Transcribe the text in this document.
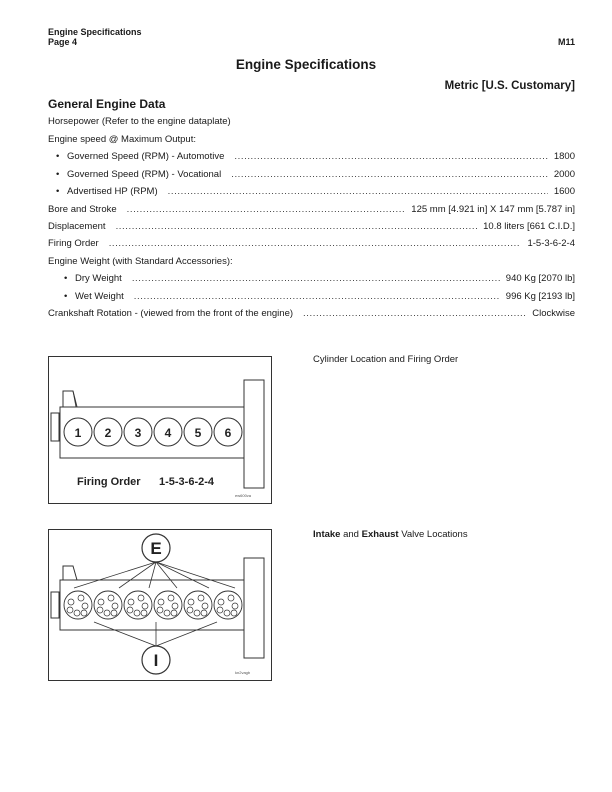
Engine Specifications
Page 4	M11
Engine Specifications
Metric [U.S. Customary]
General Engine Data
Horsepower (Refer to the engine dataplate)
Engine speed @ Maximum Output:
• Governed Speed (RPM) - Automotive .....	1800
• Governed Speed (RPM) - Vocational .....	2000
• Advertised HP (RPM) .....	1600
Bore and Stroke .....	125 mm [4.921 in] X 147 mm [5.787 in]
Displacement .....	10.8 liters [661 C.I.D.]
Firing Order .....	1-5-3-6-2-4
Engine Weight (with Standard Accessories):
• Dry Weight .....	940 Kg [2070 lb]
• Wet Weight .....	996 Kg [2193 lb]
Crankshaft Rotation - (viewed from the front of the engine) .....	Clockwise
1 2 3 4 5 6
Firing Order 1-5-3-6-2-4
ew600va
Cylinder Location and Firing Order
E
I
kn2vagb
Intake and Exhaust Valve Locations
